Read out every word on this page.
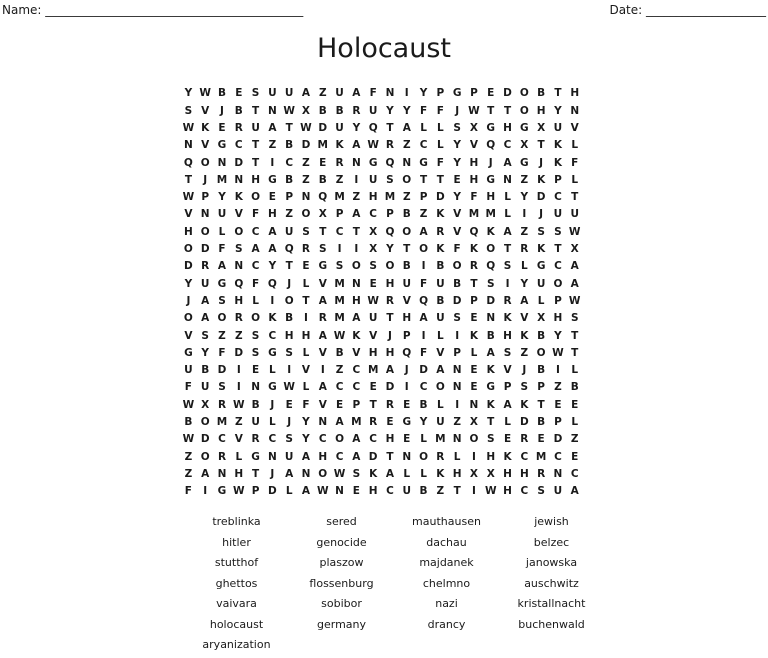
Name: ___________________________________________	Date: ____________________
Holocaust
Y W B E S U U A Z U A F N I	Y P G P E D O B T H
S V	J	B T N W X B B R U Y Y F F	J W T T O H Y N
W K E R U A T W D U Y Q T A L L S X G H G X U V
N V G C T Z B D M K A W R Z C L Y V Q C X T K L
Q O N D T	I	C Z E R N G Q N G F Y H J	A G	J	K F
T	J M N H G B Z B Z	I	U S O T T E H G N Z K P L
W P Y K O E P N Q M Z H M Z P D Y F H L Y D C T
V N U V F H Z O X P A C P B Z K V M M L	I	J	U U
H O L O C A U S T C T X Q O A R V Q K A Z S S W
O D F S A A Q R S	I	I	X Y T O K F K O T R K T X
D R A N C Y T E G S O S O B	I	B O R Q S L G C A
Y U G Q F Q J	L V M N E H U F U B T S	I	Y U O A
J	A S H L	I O T A M H W R V Q B D P D R A L P W
O A O R O K B	I	R M A U T H A U S E N K V X H S
V S Z Z S C H H A W K V	J	P	I	L	I	K B H K B Y T
G Y F D S G S L V B V H H Q F V P L A S Z O W T
U B D I	E L	I	V	I	Z C M A	J D A N E K V	J	B	I	L
F U S	I N G W L A C C E D I	C O N E G P S P Z B
W X R W B	J	E F V E P T R E B L	I N K A K T E E
B O M Z U L	J	Y N A M R E G Y U Z X T L D B P L
W D C V R C S Y C O A C H E L M N O S E R E D Z
Z O R L G N U A H C A D T N O R L	I H K C M C E
Z A N H T	J	A N O W S K A L L K H X X H H R N C
F	I	G W P D L A W N E H C U B Z T	I W H C S U A
treblinka	sered	mauthausen	jewish
hitler	genocide	dachau	belzec
stutthof	plaszow	majdanek	janowska
ghettos	flossenburg	chelmno	auschwitz
vaivara	sobibor	nazi	kristallnacht
holocaust	germany	drancy	buchenwald
aryanization
